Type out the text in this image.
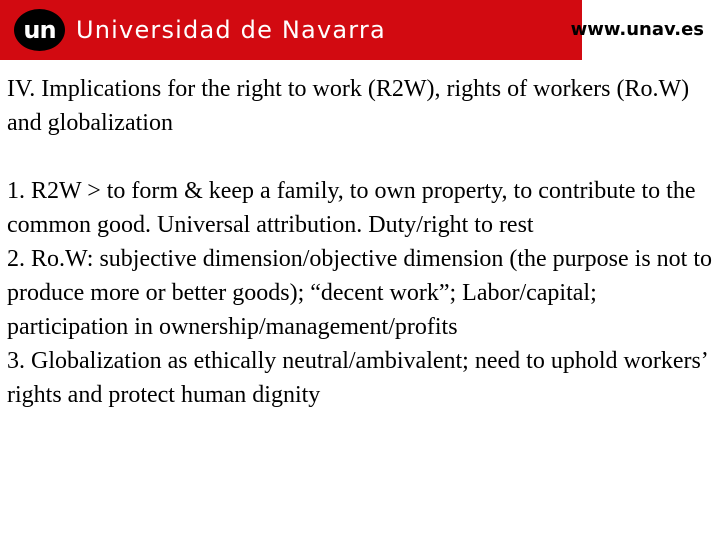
un Universidad de Navarra	www.unav.es

IV. Implications for the right to work (R2W), rights of workers (Ro.W) and globalization

1. R2W > to form & keep a family, to own property, to contribute to the common good. Universal attribution. Duty/right to rest

2. Ro.W: subjective dimension/objective dimension (the purpose is not to produce more or better goods); “decent work”; Labor/capital; participation in ownership/management/profits

3. Globalization as ethically neutral/ambivalent; need to uphold workers’ rights and protect human dignity
